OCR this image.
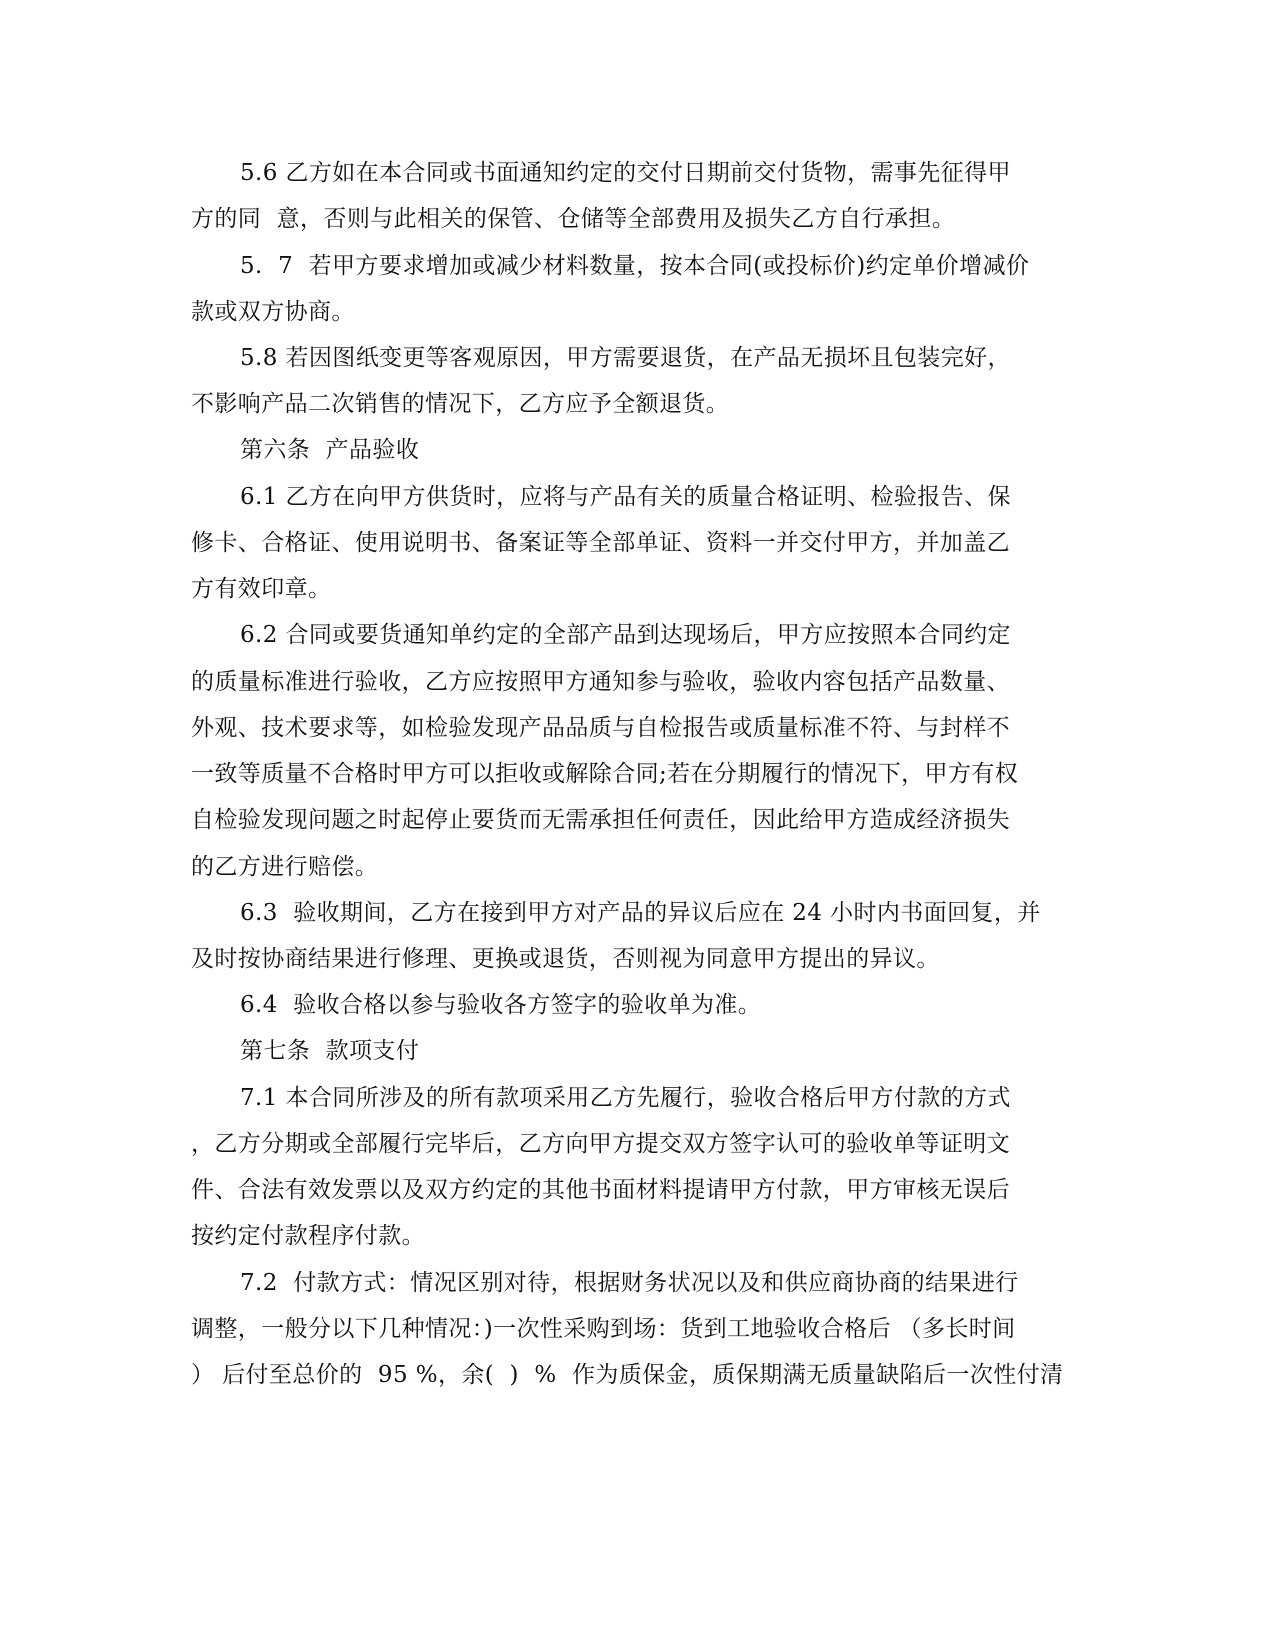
5.6 乙方如在本合同或书面通知约定的交付日期前交付货物，需事先征得甲
方的同  意，否则与此相关的保管、仓储等全部费用及损失乙方自行承担。
5.  7  若甲方要求增加或减少材料数量，按本合同(或投标价)约定单价增减价
款或双方协商。
5.8 若因图纸变更等客观原因，甲方需要退货，在产品无损坏且包装完好，
不影响产品二次销售的情况下，乙方应予全额退货。
第六条  产品验收
6.1 乙方在向甲方供货时，应将与产品有关的质量合格证明、检验报告、保
修卡、合格证、使用说明书、备案证等全部单证、资料一并交付甲方，并加盖乙
方有效印章。
6.2 合同或要货通知单约定的全部产品到达现场后，甲方应按照本合同约定
的质量标准进行验收，乙方应按照甲方通知参与验收，验收内容包括产品数量、
外观、技术要求等，如检验发现产品品质与自检报告或质量标准不符、与封样不
一致等质量不合格时甲方可以拒收或解除合同;若在分期履行的情况下，甲方有权
自检验发现问题之时起停止要货而无需承担任何责任，因此给甲方造成经济损失
的乙方进行赔偿。
6.3  验收期间，乙方在接到甲方对产品的异议后应在 24 小时内书面回复，并
及时按协商结果进行修理、更换或退货，否则视为同意甲方提出的异议。
6.4  验收合格以参与验收各方签字的验收单为准。
第七条  款项支付
7.1 本合同所涉及的所有款项采用乙方先履行，验收合格后甲方付款的方式
，乙方分期或全部履行完毕后，乙方向甲方提交双方签字认可的验收单等证明文
件、合法有效发票以及双方约定的其他书面材料提请甲方付款，甲方审核无误后
按约定付款程序付款。
7.2  付款方式：情况区别对待，根据财务状况以及和供应商协商的结果进行
调整，一般分以下几种情况：)一次性采购到场：货到工地验收合格后 （多长时间
） 后付至总价的  95 %，余(  )  %  作为质保金，质保期满无质量缺陷后一次性付清
